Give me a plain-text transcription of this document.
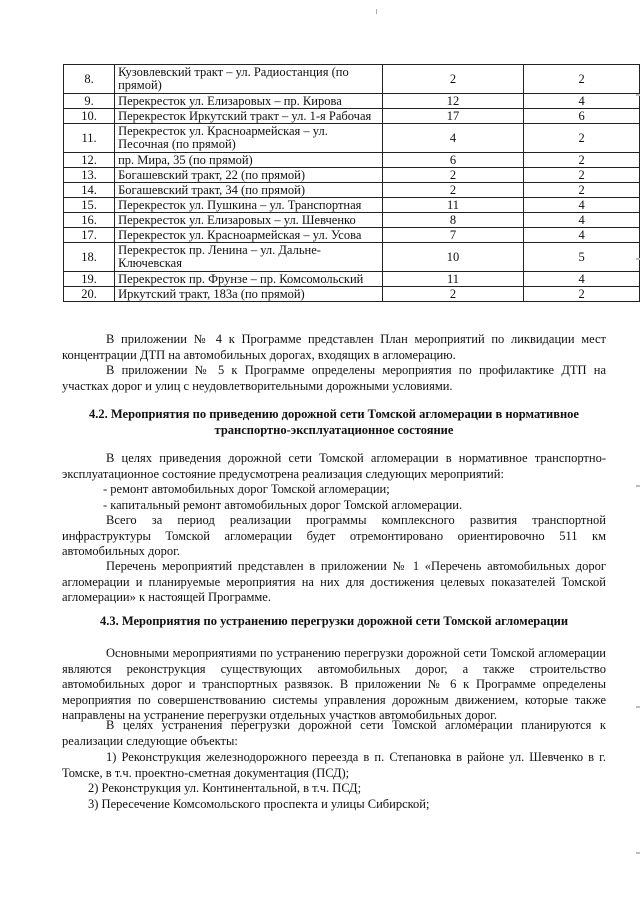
8.	Кузовлевский тракт – ул. Радиостанция (по прямой)	2	2
9.	Перекресток ул. Елизаровых – пр. Кирова	12	4
10.	Перекресток Иркутский тракт – ул. 1-я Рабочая	17	6
11.	Перекресток ул. Красноармейская – ул. Песочная (по прямой)	4	2
12.	пр. Мира, 35 (по прямой)	6	2
13.	Богашевский тракт, 22 (по прямой)	2	2
14.	Богашевский тракт, 34 (по прямой)	2	2
15.	Перекресток ул. Пушкина – ул. Транспортная	11	4
16.	Перекресток ул. Елизаровых – ул. Шевченко	8	4
17.	Перекресток ул. Красноармейская – ул. Усова	7	4
18.	Перекресток пр. Ленина – ул. Дальне-Ключевская	10	5
19.	Перекресток пр. Фрунзе – пр. Комсомольский	11	4
20.	Иркутский тракт, 183а (по прямой)	2	2

В приложении № 4 к Программе представлен План мероприятий по ликвидации мест концентрации ДТП на автомобильных дорогах, входящих в агломерацию.

В приложении № 5 к Программе определены мероприятия по профилактике ДТП на участках дорог и улиц с неудовлетворительными дорожными условиями.

4.2. Мероприятия по приведению дорожной сети Томской агломерации в нормативное транспортно-эксплуатационное состояние

В целях приведения дорожной сети Томской агломерации в нормативное транспортно-эксплуатационное состояние предусмотрена реализация следующих мероприятий:

- ремонт автомобильных дорог Томской агломерации;

- капитальный ремонт автомобильных дорог Томской агломерации.

Всего за период реализации программы комплексного развития транспортной инфраструктуры Томской агломерации будет отремонтировано ориентировочно 511 км автомобильных дорог.

Перечень мероприятий представлен в приложении № 1 «Перечень автомобильных дорог агломерации и планируемые мероприятия на них для достижения целевых показателей Томской агломерации» к настоящей Программе.

4.3. Мероприятия по устранению перегрузки дорожной сети Томской агломерации

Основными мероприятиями по устранению перегрузки дорожной сети Томской агломерации являются реконструкция существующих автомобильных дорог, а также строительство автомобильных дорог и транспортных развязок. В приложении № 6 к Программе определены мероприятия по совершенствованию системы управления дорожным движением, которые также направлены на устранение перегрузки отдельных участков автомобильных дорог.

В целях устранения перегрузки дорожной сети Томской агломерации планируются к реализации следующие объекты:

1) Реконструкция железнодорожного переезда в п. Степановка в районе ул. Шевченко в г. Томске, в т.ч. проектно-сметная документация (ПСД);

2) Реконструкция ул. Континентальной, в т.ч. ПСД;

3) Пересечение Комсомольского проспекта и улицы Сибирской;
